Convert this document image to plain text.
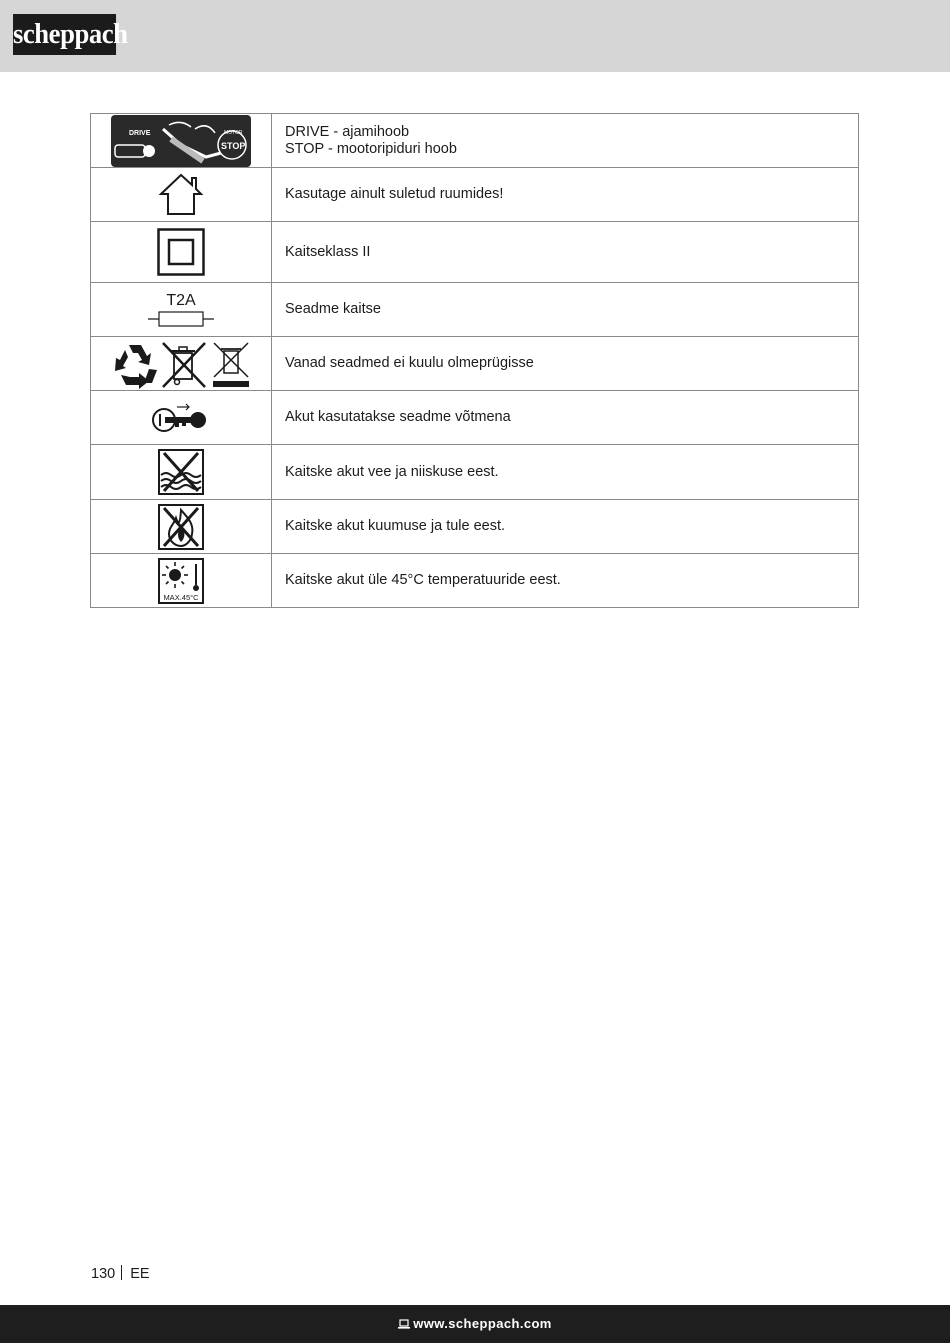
scheppach
DRIVE MOTOR
STOP	DRIVE - ajamihoob
STOP - mootoripiduri hoob

Kasutage ainult suletud ruumides!

Kaitseklass II

T2A	Seadme kaitse

Vanad seadmed ei kuulu olmeprügisse

Akut kasutatakse seadme võtmena

Kaitske akut vee ja niiskuse eest.

Kaitske akut kuumuse ja tule eest.

MAX.45°C	Kaitske akut üle 45°C temperatuuride eest.
130 EE
www.scheppach.com
